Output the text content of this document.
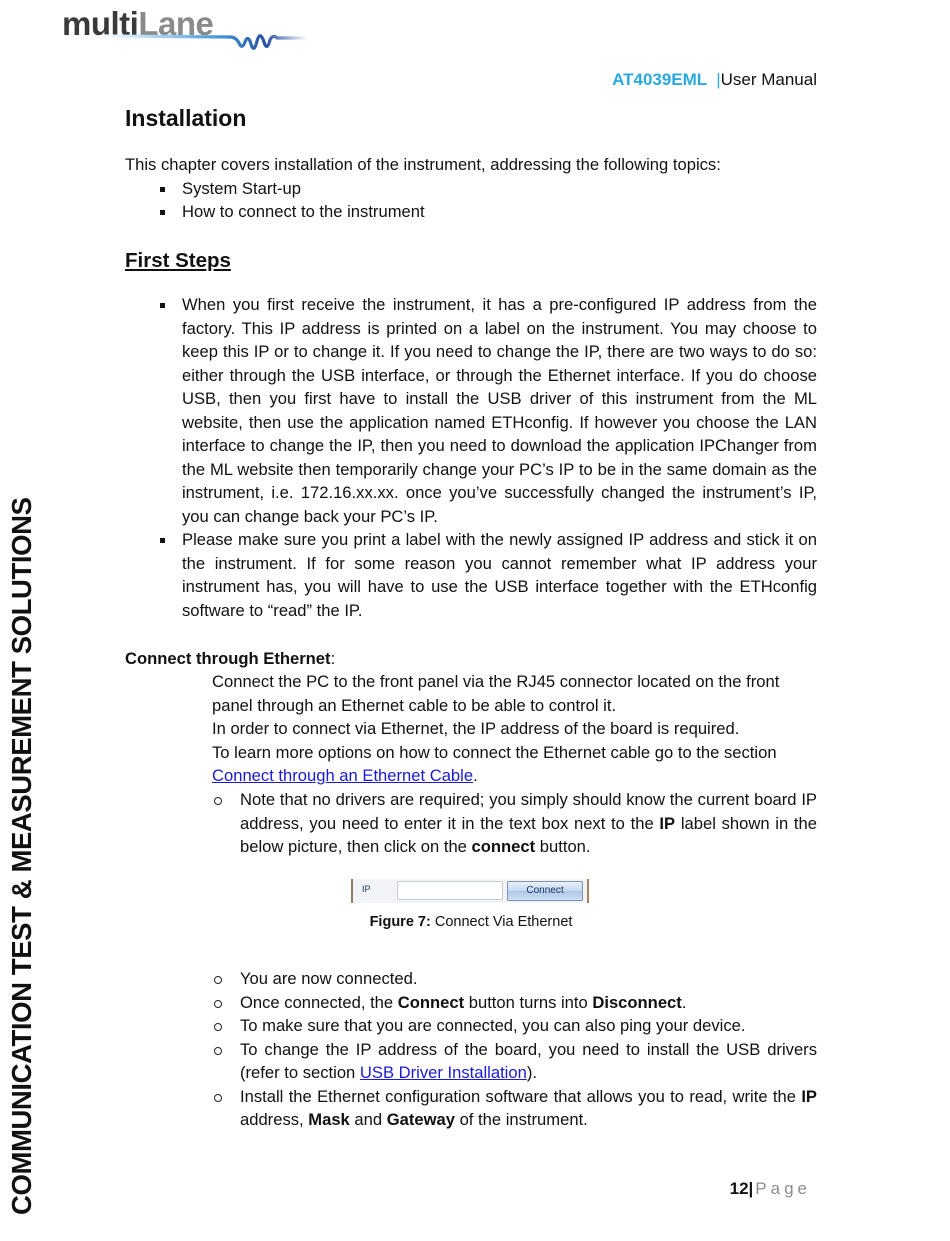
multiLane
AT4039EML |User Manual
COMMUNICATION TEST & MEASUREMENT SOLUTIONS
Installation
This chapter covers installation of the instrument, addressing the following topics:
System Start-up
How to connect to the instrument
First Steps
When you first receive the instrument, it has a pre-configured IP address from the factory. This IP address is printed on a label on the instrument. You may choose to keep this IP or to change it. If you need to change the IP, there are two ways to do so: either through the USB interface, or through the Ethernet interface. If you do choose USB, then you first have to install the USB driver of this instrument from the ML website, then use the application named ETHconfig. If however you choose the LAN interface to change the IP, then you need to download the application IPChanger from the ML website then temporarily change your PC’s IP to be in the same domain as the instrument, i.e. 172.16.xx.xx. once you’ve successfully changed the instrument’s IP, you can change back your PC’s IP.
Please make sure you print a label with the newly assigned IP address and stick it on the instrument. If for some reason you cannot remember what IP address your instrument has, you will have to use the USB interface together with the ETHconfig software to “read” the IP.
Connect through Ethernet:
Connect the PC to the front panel via the RJ45 connector located on the front panel through an Ethernet cable to be able to control it.
In order to connect via Ethernet, the IP address of the board is required.
To learn more options on how to connect the Ethernet cable go to the section
Connect through an Ethernet Cable.
Note that no drivers are required; you simply should know the current board IP address, you need to enter it in the text box next to the IP label shown in the below picture, then click on the connect button.
IP	Connect
Figure 7: Connect Via Ethernet
You are now connected.
Once connected, the Connect button turns into Disconnect.
To make sure that you are connected, you can also ping your device.
To change the IP address of the board, you need to install the USB drivers (refer to section USB Driver Installation).
Install the Ethernet configuration software that allows you to read, write the IP address, Mask and Gateway of the instrument.
12| Page
